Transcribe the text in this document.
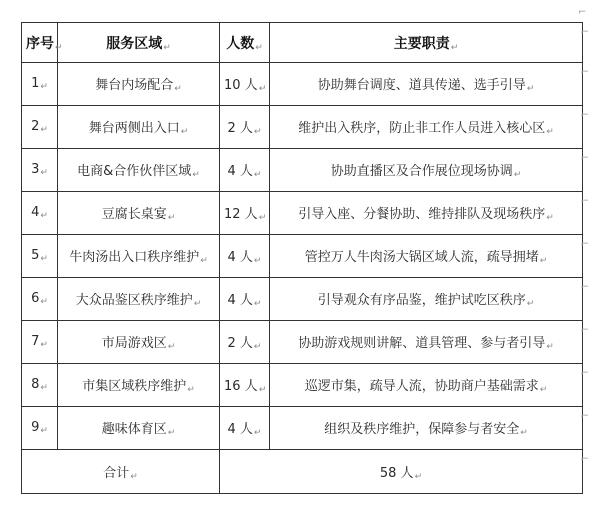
⌐
序号↵	服务区域↵	人数↵	主要职责↵
⌐

1↵	舞台内场配合↵	10 人↵	协助舞台调度、道具传递、选手引导↵
⌐

2↵	舞台两侧出入口↵	2 人↵	维护出入秩序，防止非工作人员进入核心区↵
⌐

3↵	电商&合作伙伴区域↵	4 人↵	协助直播区及合作展位现场协调↵
⌐

4↵	豆腐长桌宴↵	12 人↵	引导入座、分餐协助、维持排队及现场秩序↵
⌐

5↵	牛肉汤出入口秩序维护↵	4 人↵	管控万人牛肉汤大锅区域人流，疏导拥堵↵
⌐

6↵	大众品鉴区秩序维护↵	4 人↵	引导观众有序品鉴，维护试吃区秩序↵
⌐

7↵	市局游戏区↵	2 人↵	协助游戏规则讲解、道具管理、参与者引导↵
⌐

8↵	市集区域秩序维护↵	16 人↵	巡逻市集，疏导人流，协助商户基础需求↵
⌐

9↵	趣味体育区↵	4 人↵	组织及秩序维护，保障参与者安全↵
⌐

合计↵		58 人↵
⌐	
